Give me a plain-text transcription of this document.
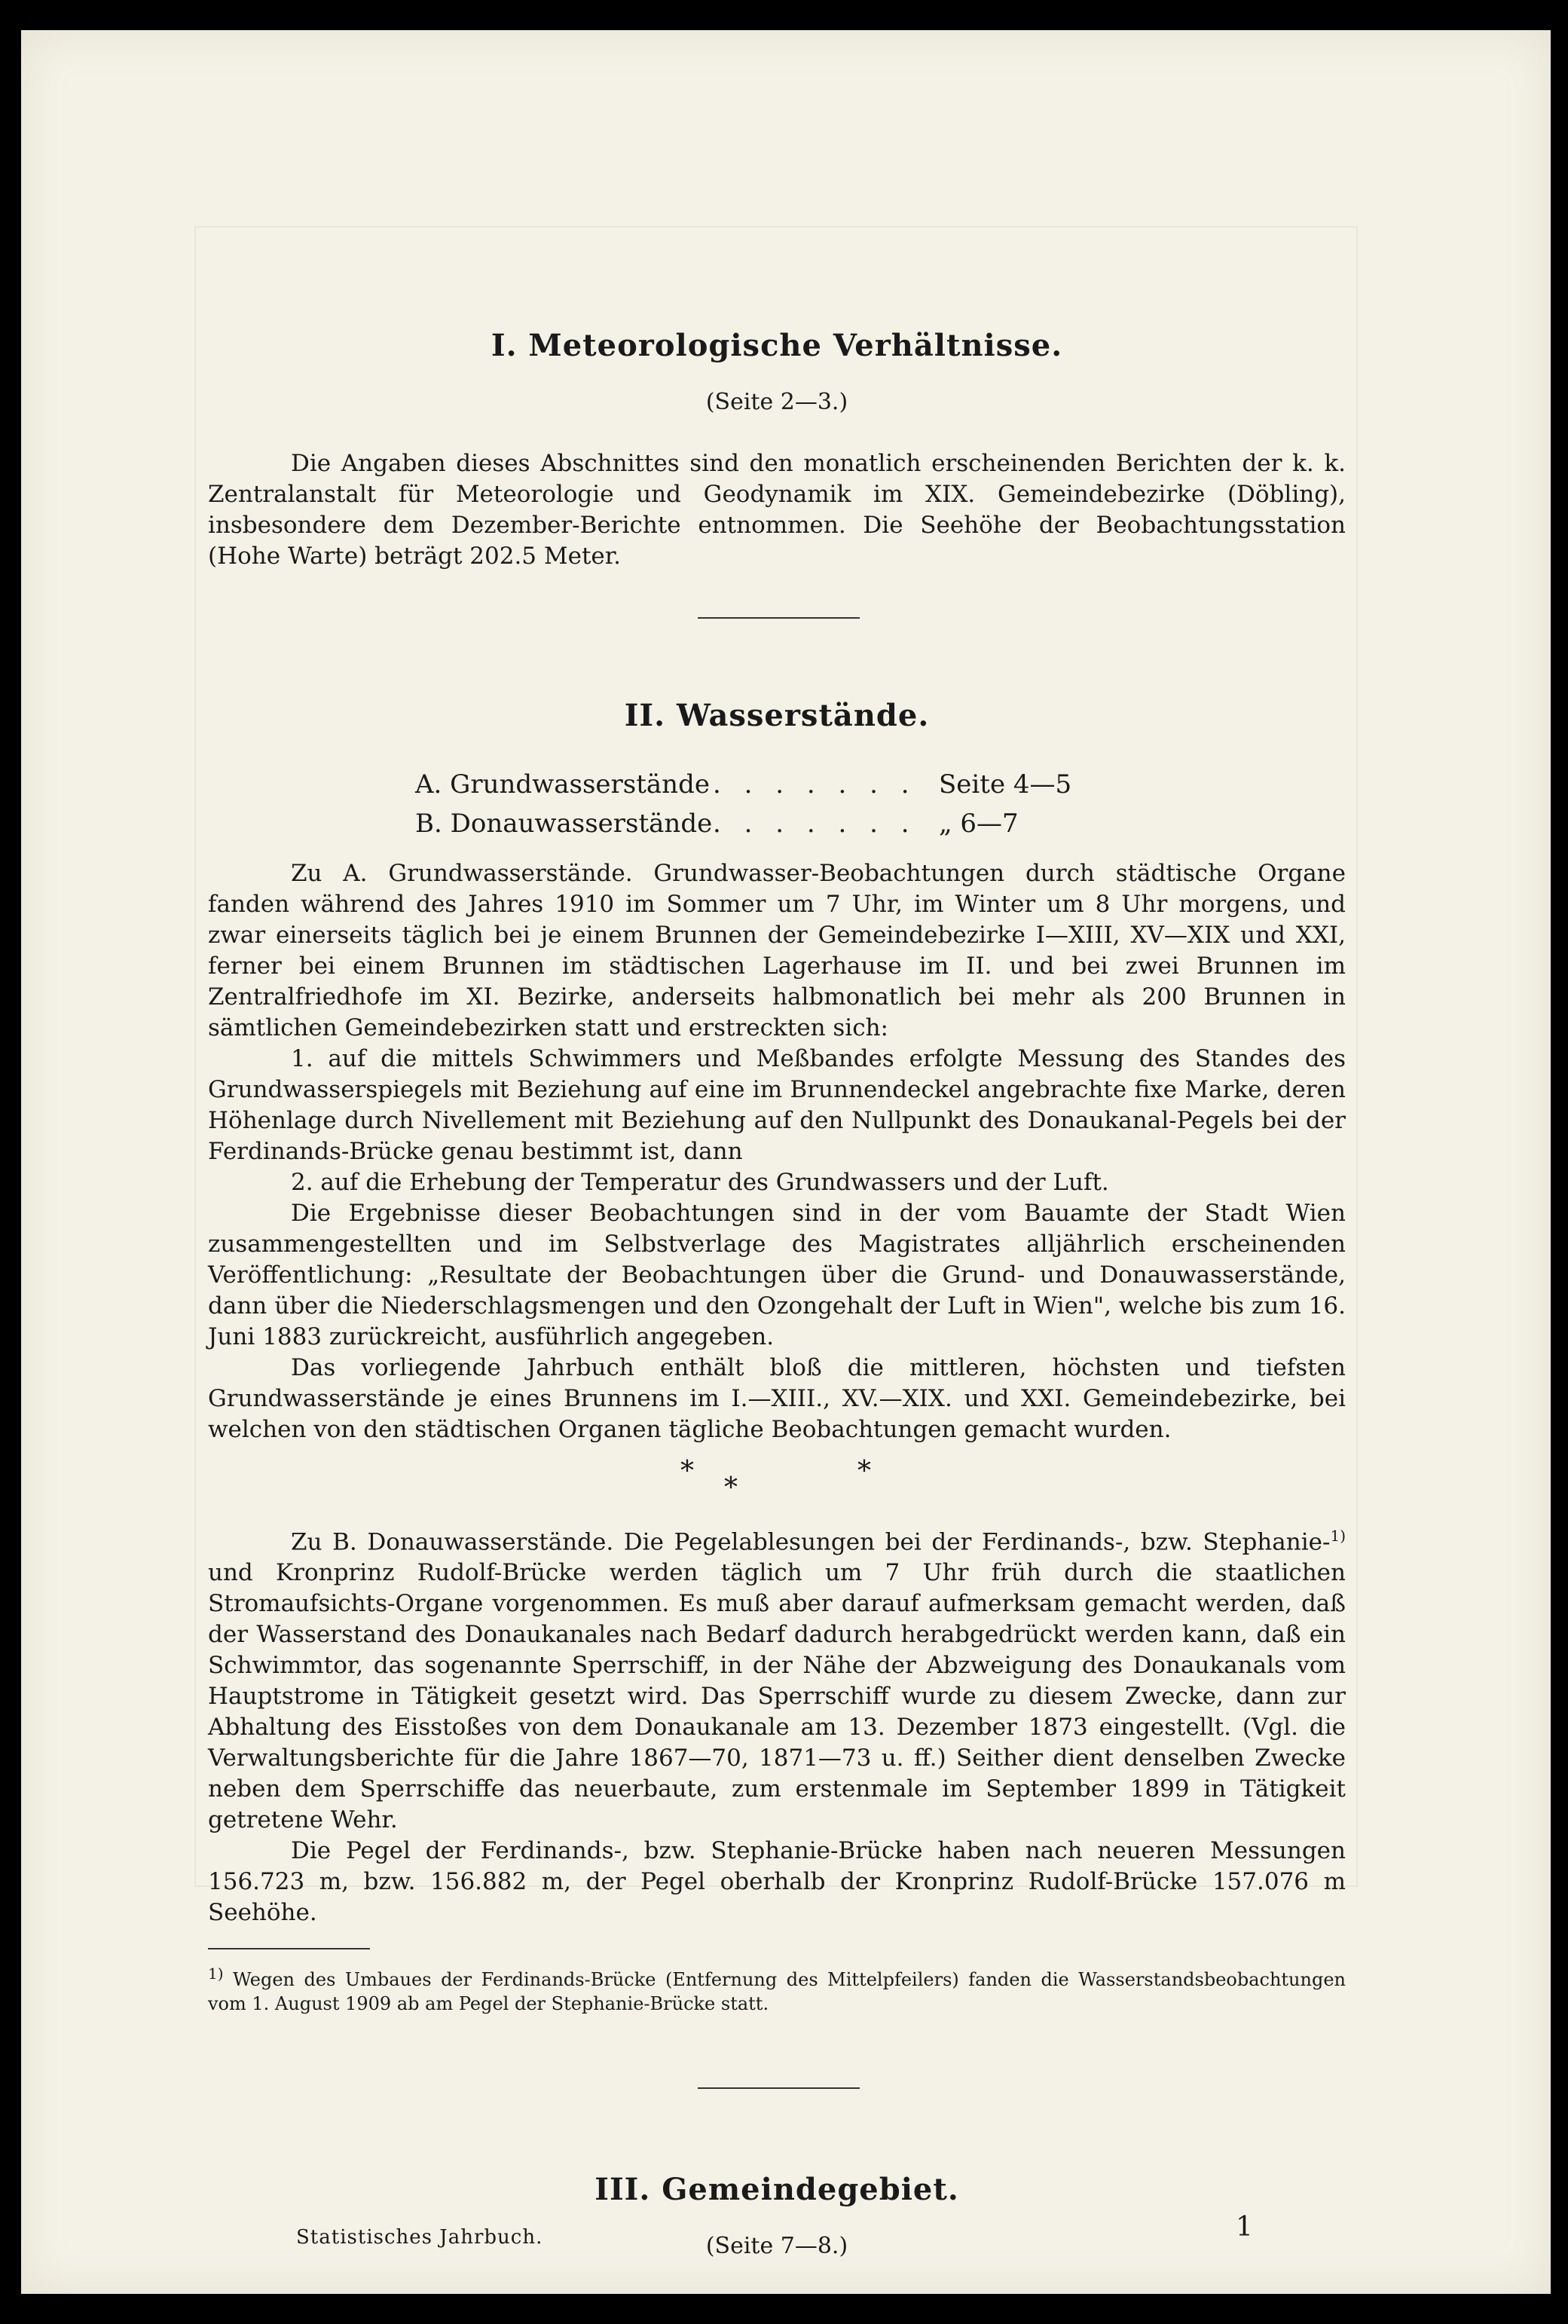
I. Meteorologische Verhältnisse.
(Seite 2—3.)

Die Angaben dieses Abschnittes sind den monatlich erscheinenden Berichten der k. k. Zentralanstalt für Meteorologie und Geodynamik im XIX. Gemeindebezirke (Döbling), insbesondere dem Dezember-Berichte entnommen. Die Seehöhe der Beobachtungsstation (Hohe Warte) beträgt 202.5 Meter.

II. Wasserstände.
A. Grundwasserstände . . . . . . . Seite 4—5
B. Donauwasserstände . . . . . . . „ 6—7

Zu A. Grundwasserstände. Grundwasser-Beobachtungen durch städtische Organe fanden während des Jahres 1910 im Sommer um 7 Uhr, im Winter um 8 Uhr morgens, und zwar einerseits täglich bei je einem Brunnen der Gemeindebezirke I—XIII, XV—XIX und XXI, ferner bei einem Brunnen im städtischen Lagerhause im II. und bei zwei Brunnen im Zentralfriedhofe im XI. Bezirke, anderseits halbmonatlich bei mehr als 200 Brunnen in sämtlichen Gemeindebezirken statt und erstreckten sich:

1. auf die mittels Schwimmers und Meßbandes erfolgte Messung des Standes des Grundwasserspiegels mit Beziehung auf eine im Brunnendeckel angebrachte fixe Marke, deren Höhenlage durch Nivellement mit Beziehung auf den Nullpunkt des Donaukanal-Pegels bei der Ferdinands-Brücke genau bestimmt ist, dann

2. auf die Erhebung der Temperatur des Grundwassers und der Luft.

Die Ergebnisse dieser Beobachtungen sind in der vom Bauamte der Stadt Wien zusammengestellten und im Selbstverlage des Magistrates alljährlich erscheinenden Veröffentlichung: „Resultate der Beobachtungen über die Grund- und Donauwasserstände, dann über die Niederschlagsmengen und den Ozongehalt der Luft in Wien", welche bis zum 16. Juni 1883 zurückreicht, ausführlich angegeben.

Das vorliegende Jahrbuch enthält bloß die mittleren, höchsten und tiefsten Grundwasserstände je eines Brunnens im I.—XIII., XV.—XIX. und XXI. Gemeindebezirke, bei welchen von den städtischen Organen tägliche Beobachtungen gemacht wurden.

*
*
*

Zu B. Donauwasserstände. Die Pegelablesungen bei der Ferdinands-, bzw. Stephanie-$^{1)}$ und Kronprinz Rudolf-Brücke werden täglich um 7 Uhr früh durch die staatlichen Stromaufsichts-Organe vorgenommen. Es muß aber darauf aufmerksam gemacht werden, daß der Wasserstand des Donaukanales nach Bedarf dadurch herabgedrückt werden kann, daß ein Schwimmtor, das sogenannte Sperrschiff, in der Nähe der Abzweigung des Donaukanals vom Hauptstrome in Tätigkeit gesetzt wird. Das Sperrschiff wurde zu diesem Zwecke, dann zur Abhaltung des Eisstoßes von dem Donaukanale am 13. Dezember 1873 eingestellt. (Vgl. die Verwaltungsberichte für die Jahre 1867—70, 1871—73 u. ff.) Seither dient denselben Zwecke neben dem Sperrschiffe das neuerbaute, zum erstenmale im September 1899 in Tätigkeit getretene Wehr.

Die Pegel der Ferdinands-, bzw. Stephanie-Brücke haben nach neueren Messungen 156.723 m, bzw. 156.882 m, der Pegel oberhalb der Kronprinz Rudolf-Brücke 157.076 m Seehöhe.

$^{1)}$ Wegen des Umbaues der Ferdinands-Brücke (Entfernung des Mittelpfeilers) fanden die Wasserstandsbeobachtungen vom 1. August 1909 ab am Pegel der Stephanie-Brücke statt.

III. Gemeindegebiet.
(Seite 7—8.)
Statistisches Jahrbuch.	1
